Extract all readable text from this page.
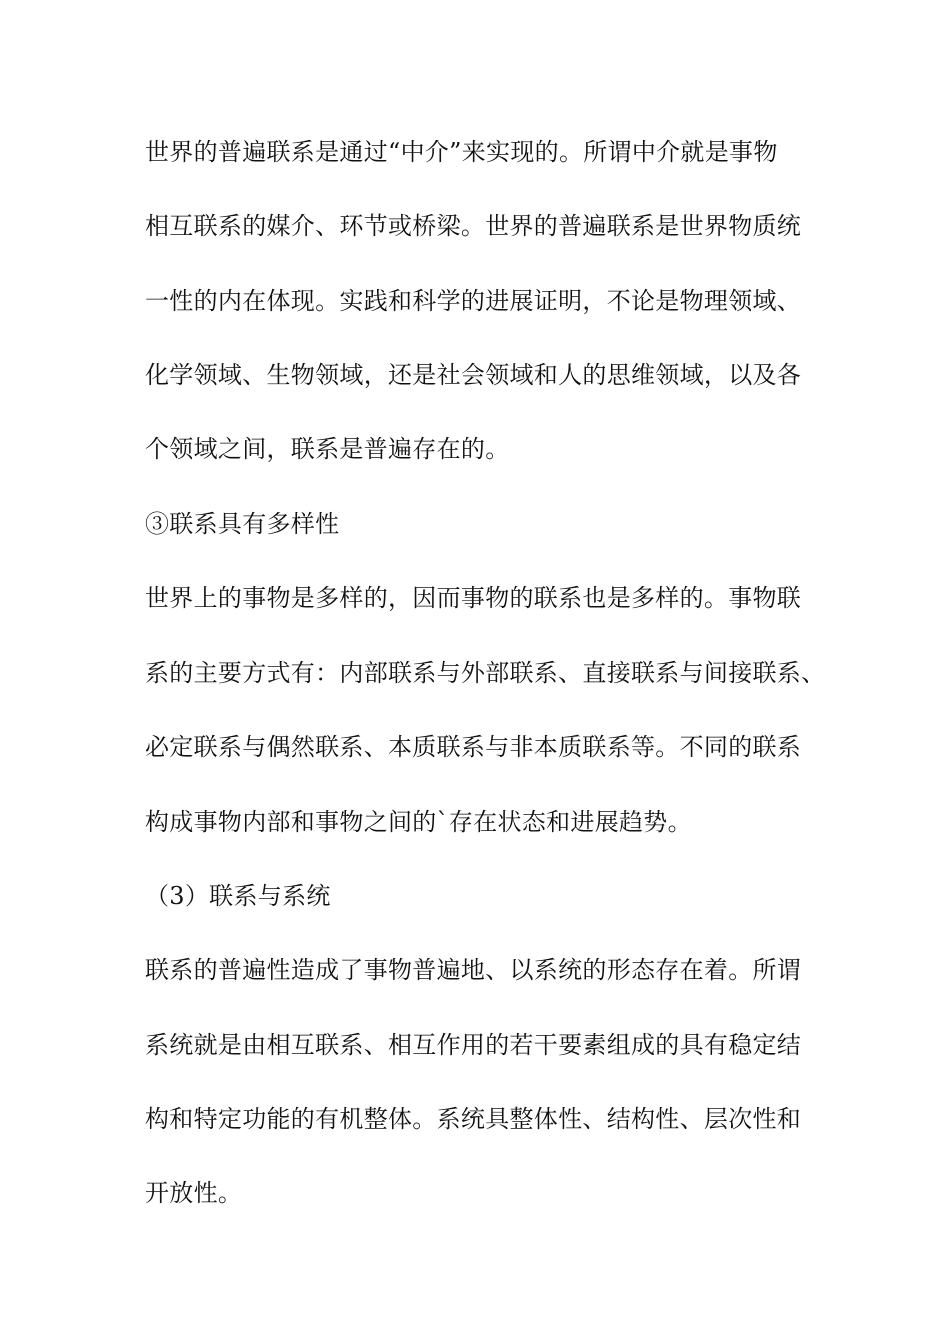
世界的普遍联系是通过“中介”来实现的。所谓中介就是事物
相互联系的媒介、环节或桥梁。世界的普遍联系是世界物质统
一性的内在体现。实践和科学的进展证明，不论是物理领域、
化学领域、生物领域，还是社会领域和人的思维领域，以及各
个领域之间，联系是普遍存在的。
③联系具有多样性
世界上的事物是多样的，因而事物的联系也是多样的。事物联
系的主要方式有：内部联系与外部联系、直接联系与间接联系、
必定联系与偶然联系、本质联系与非本质联系等。不同的联系
构成事物内部和事物之间的`存在状态和进展趋势。
（3）联系与系统
联系的普遍性造成了事物普遍地、以系统的形态存在着。所谓
系统就是由相互联系、相互作用的若干要素组成的具有稳定结
构和特定功能的有机整体。系统具整体性、结构性、层次性和
开放性。
